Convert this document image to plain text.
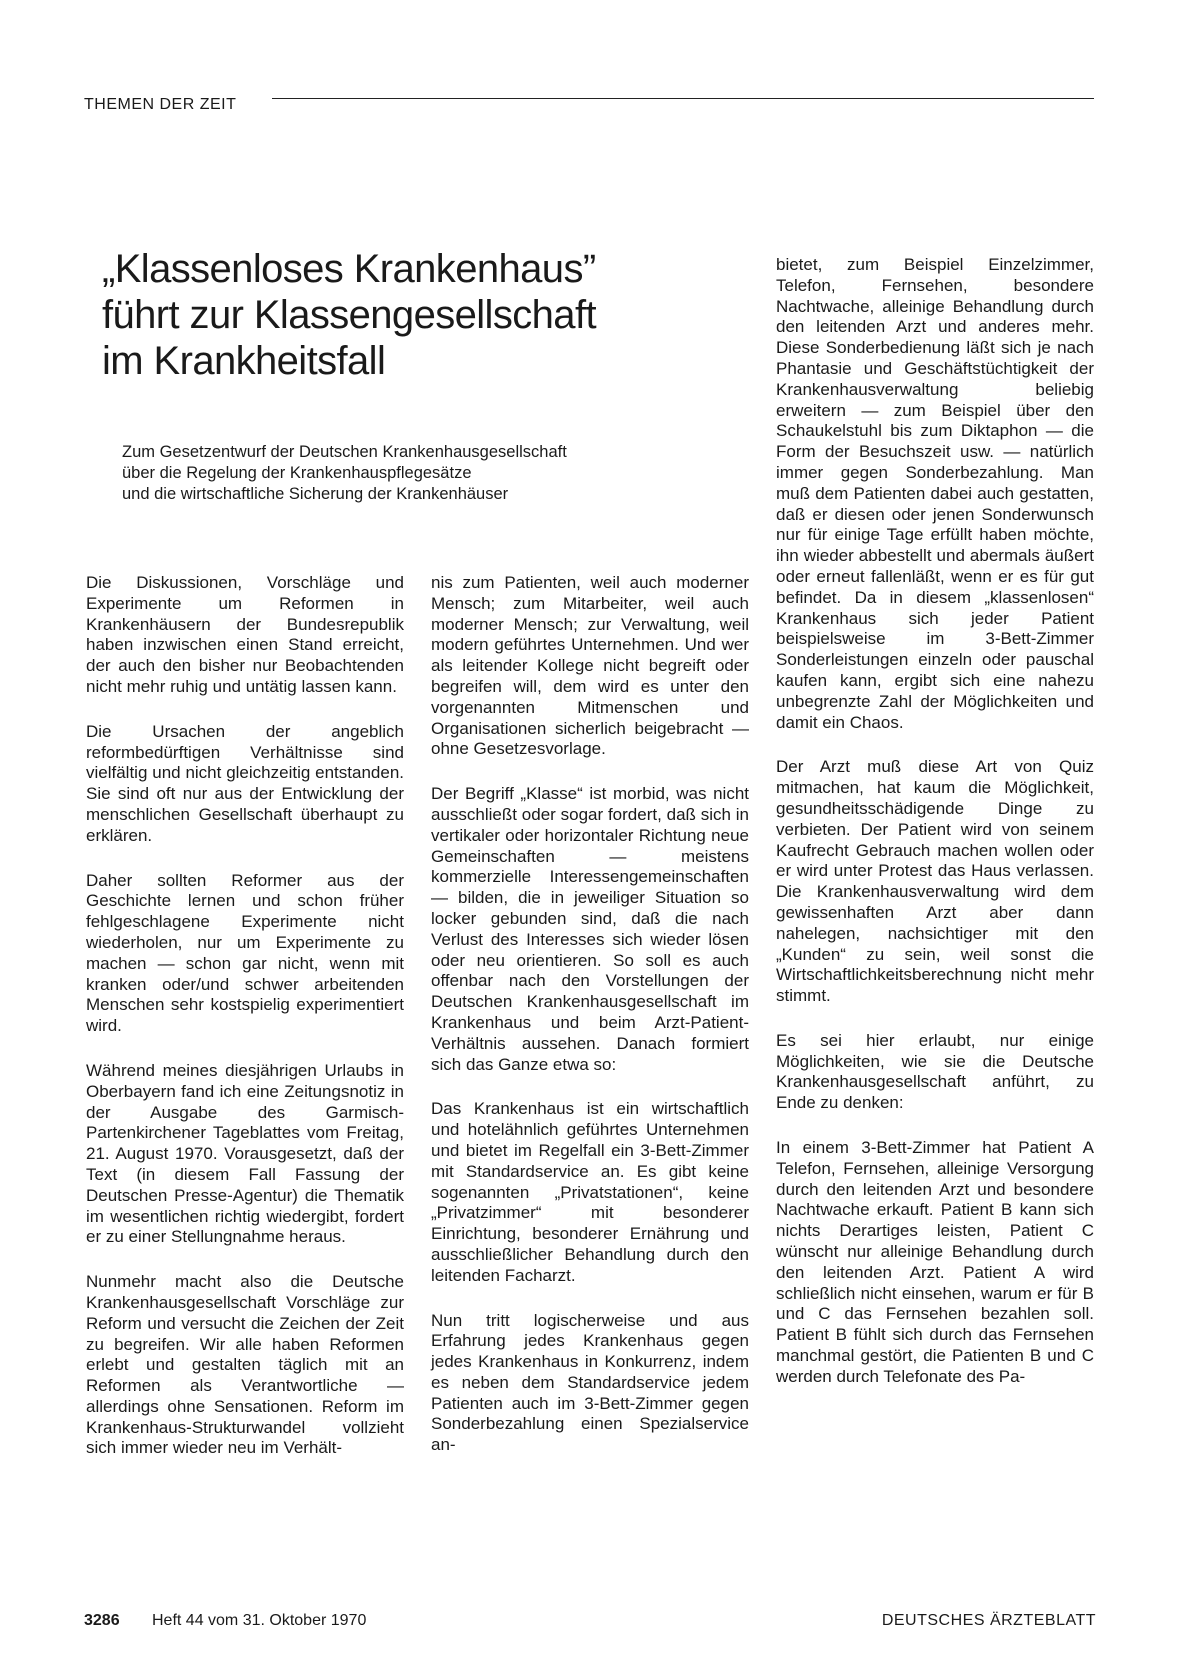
THEMEN DER ZEIT
„Klassenloses Krankenhaus”
führt zur Klassengesellschaft
im Krankheitsfall
Zum Gesetzentwurf der Deutschen Krankenhausgesellschaft
über die Regelung der Krankenhauspflegesätze
und die wirtschaftliche Sicherung der Krankenhäuser

Die Diskussionen, Vorschläge und Experimente um Reformen in Krankenhäusern der Bundesrepublik haben inzwischen einen Stand erreicht, der auch den bisher nur Beobachtenden nicht mehr ruhig und untätig lassen kann.

Die Ursachen der angeblich reformbedürftigen Verhältnisse sind vielfältig und nicht gleichzeitig entstanden. Sie sind oft nur aus der Entwicklung der menschlichen Gesellschaft überhaupt zu erklären.

Daher sollten Reformer aus der Geschichte lernen und schon früher fehlgeschlagene Experimente nicht wiederholen, nur um Experimente zu machen — schon gar nicht, wenn mit kranken oder/und schwer arbeitenden Menschen sehr kostspielig experimentiert wird.

Während meines diesjährigen Urlaubs in Oberbayern fand ich eine Zeitungsnotiz in der Ausgabe des Garmisch-Partenkirchener Tageblattes vom Freitag, 21. August 1970. Vorausgesetzt, daß der Text (in diesem Fall Fassung der Deutschen Presse-Agentur) die Thematik im wesentlichen richtig wiedergibt, fordert er zu einer Stellungnahme heraus.

Nunmehr macht also die Deutsche Krankenhausgesellschaft Vorschläge zur Reform und versucht die Zeichen der Zeit zu begreifen. Wir alle haben Reformen erlebt und gestalten täglich mit an Reformen als Verantwortliche — allerdings ohne Sensationen. Reform im Krankenhaus-Strukturwandel vollzieht sich immer wieder neu im Verhält-

nis zum Patienten, weil auch moderner Mensch; zum Mitarbeiter, weil auch moderner Mensch; zur Verwaltung, weil modern geführtes Unternehmen. Und wer als leitender Kollege nicht begreift oder begreifen will, dem wird es unter den vorgenannten Mitmenschen und Organisationen sicherlich beigebracht — ohne Gesetzesvorlage.

Der Begriff „Klasse“ ist morbid, was nicht ausschließt oder sogar fordert, daß sich in vertikaler oder horizontaler Richtung neue Gemeinschaften — meistens kommerzielle Interessengemeinschaften — bilden, die in jeweiliger Situation so locker gebunden sind, daß die nach Verlust des Interesses sich wieder lösen oder neu orientieren. So soll es auch offenbar nach den Vorstellungen der Deutschen Krankenhausgesellschaft im Krankenhaus und beim Arzt-Patient-Verhältnis aussehen. Danach formiert sich das Ganze etwa so:

Das Krankenhaus ist ein wirtschaftlich und hotelähnlich geführtes Unternehmen und bietet im Regelfall ein 3-Bett-Zimmer mit Standardservice an. Es gibt keine sogenannten „Privatstationen“, keine „Privatzimmer“ mit besonderer Einrichtung, besonderer Ernährung und ausschließlicher Behandlung durch den leitenden Facharzt.

Nun tritt logischerweise und aus Erfahrung jedes Krankenhaus gegen jedes Krankenhaus in Konkurrenz, indem es neben dem Standardservice jedem Patienten auch im 3-Bett-Zimmer gegen Sonderbezahlung einen Spezialservice an-

bietet, zum Beispiel Einzelzimmer, Telefon, Fernsehen, besondere Nachtwache, alleinige Behandlung durch den leitenden Arzt und anderes mehr. Diese Sonderbedienung läßt sich je nach Phantasie und Geschäftstüchtigkeit der Krankenhausverwaltung beliebig erweitern — zum Beispiel über den Schaukelstuhl bis zum Diktaphon — die Form der Besuchszeit usw. — natürlich immer gegen Sonderbezahlung. Man muß dem Patienten dabei auch gestatten, daß er diesen oder jenen Sonderwunsch nur für einige Tage erfüllt haben möchte, ihn wieder abbestellt und abermals äußert oder erneut fallenläßt, wenn er es für gut befindet. Da in diesem „klassenlosen“ Krankenhaus sich jeder Patient beispielsweise im 3-Bett-Zimmer Sonderleistungen einzeln oder pauschal kaufen kann, ergibt sich eine nahezu unbegrenzte Zahl der Möglichkeiten und damit ein Chaos.

Der Arzt muß diese Art von Quiz mitmachen, hat kaum die Möglichkeit, gesundheitsschädigende Dinge zu verbieten. Der Patient wird von seinem Kaufrecht Gebrauch machen wollen oder er wird unter Protest das Haus verlassen. Die Krankenhausverwaltung wird dem gewissenhaften Arzt aber dann nahelegen, nachsichtiger mit den „Kunden“ zu sein, weil sonst die Wirtschaftlichkeitsberechnung nicht mehr stimmt.

Es sei hier erlaubt, nur einige Möglichkeiten, wie sie die Deutsche Krankenhausgesellschaft anführt, zu Ende zu denken:

In einem 3-Bett-Zimmer hat Patient A Telefon, Fernsehen, alleinige Versorgung durch den leitenden Arzt und besondere Nachtwache erkauft. Patient B kann sich nichts Derartiges leisten, Patient C wünscht nur alleinige Behandlung durch den leitenden Arzt. Patient A wird schließlich nicht einsehen, warum er für B und C das Fernsehen bezahlen soll. Patient B fühlt sich durch das Fernsehen manchmal gestört, die Patienten B und C werden durch Telefonate des Pa-

3286 Heft 44 vom 31. Oktober 1970	DEUTSCHES ÄRZTEBLATT
